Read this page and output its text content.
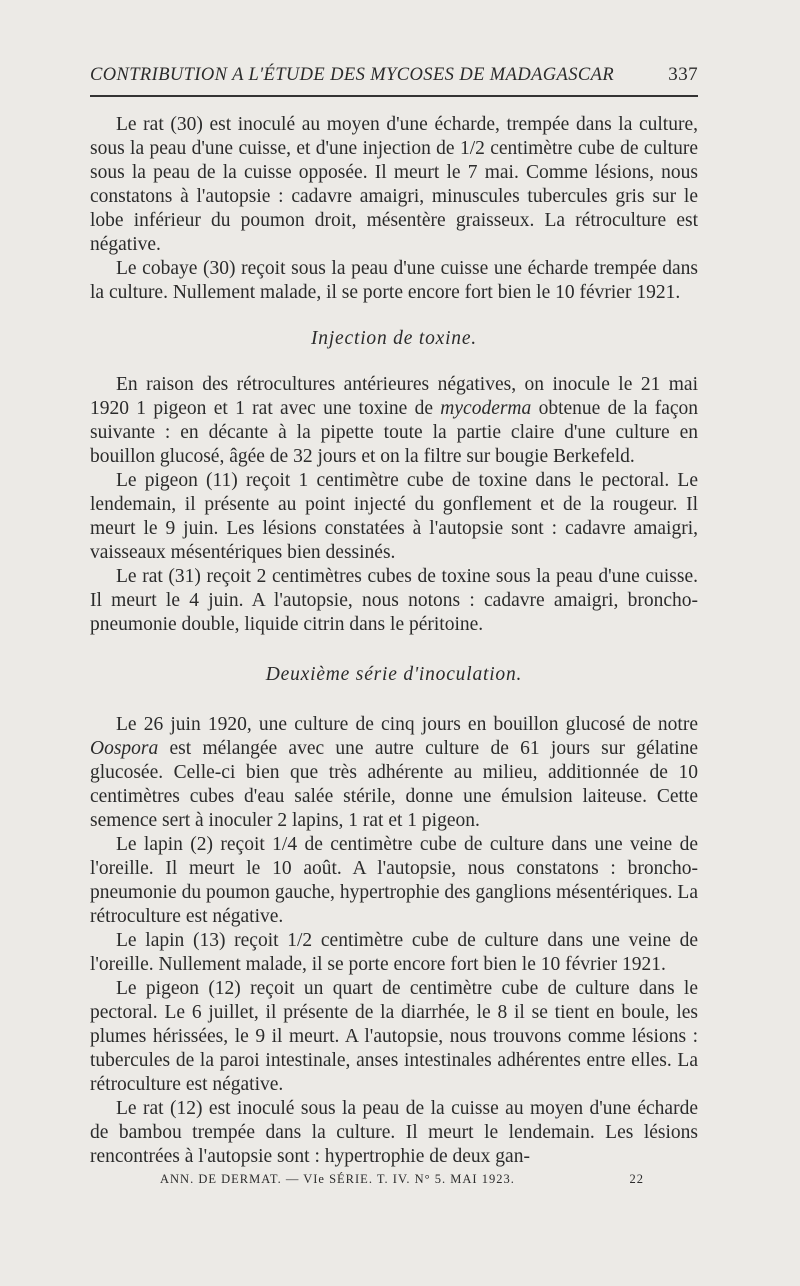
CONTRIBUTION A L'ÉTUDE DES MYCOSES DE MADAGASCAR	337

Le rat (30) est inoculé au moyen d'une écharde, trempée dans la culture, sous la peau d'une cuisse, et d'une injection de 1/2 centimètre cube de culture sous la peau de la cuisse opposée. Il meurt le 7 mai. Comme lésions, nous constatons à l'autopsie : cadavre amaigri, minuscules tubercules gris sur le lobe inférieur du poumon droit, mésentère graisseux. La rétroculture est négative.

Le cobaye (30) reçoit sous la peau d'une cuisse une écharde trempée dans la culture. Nullement malade, il se porte encore fort bien le 10 février 1921.

Injection de toxine.

En raison des rétrocultures antérieures négatives, on inocule le 21 mai 1920 1 pigeon et 1 rat avec une toxine de mycoderma obtenue de la façon suivante : en décante à la pipette toute la partie claire d'une culture en bouillon glucosé, âgée de 32 jours et on la filtre sur bougie Berkefeld.

Le pigeon (11) reçoit 1 centimètre cube de toxine dans le pectoral. Le lendemain, il présente au point injecté du gonflement et de la rougeur. Il meurt le 9 juin. Les lésions constatées à l'autopsie sont : cadavre amaigri, vaisseaux mésentériques bien dessinés.

Le rat (31) reçoit 2 centimètres cubes de toxine sous la peau d'une cuisse. Il meurt le 4 juin. A l'autopsie, nous notons : cadavre amaigri, broncho-pneumonie double, liquide citrin dans le péritoine.

Deuxième série d'inoculation.

Le 26 juin 1920, une culture de cinq jours en bouillon glucosé de notre Oospora est mélangée avec une autre culture de 61 jours sur gélatine glucosée. Celle-ci bien que très adhérente au milieu, additionnée de 10 centimètres cubes d'eau salée stérile, donne une émulsion laiteuse. Cette semence sert à inoculer 2 lapins, 1 rat et 1 pigeon.

Le lapin (2) reçoit 1/4 de centimètre cube de culture dans une veine de l'oreille. Il meurt le 10 août. A l'autopsie, nous constatons : broncho-pneumonie du poumon gauche, hypertrophie des ganglions mésentériques. La rétroculture est négative.

Le lapin (13) reçoit 1/2 centimètre cube de culture dans une veine de l'oreille. Nullement malade, il se porte encore fort bien le 10 février 1921.

Le pigeon (12) reçoit un quart de centimètre cube de culture dans le pectoral. Le 6 juillet, il présente de la diarrhée, le 8 il se tient en boule, les plumes hérissées, le 9 il meurt. A l'autopsie, nous trouvons comme lésions : tubercules de la paroi intestinale, anses intestinales adhérentes entre elles. La rétroculture est négative.

Le rat (12) est inoculé sous la peau de la cuisse au moyen d'une écharde de bambou trempée dans la culture. Il meurt le lendemain. Les lésions rencontrées à l'autopsie sont : hypertrophie de deux gan-

ANN. DE DERMAT. — VIe SÉRIE. T. IV. N° 5. MAI 1923.	22
